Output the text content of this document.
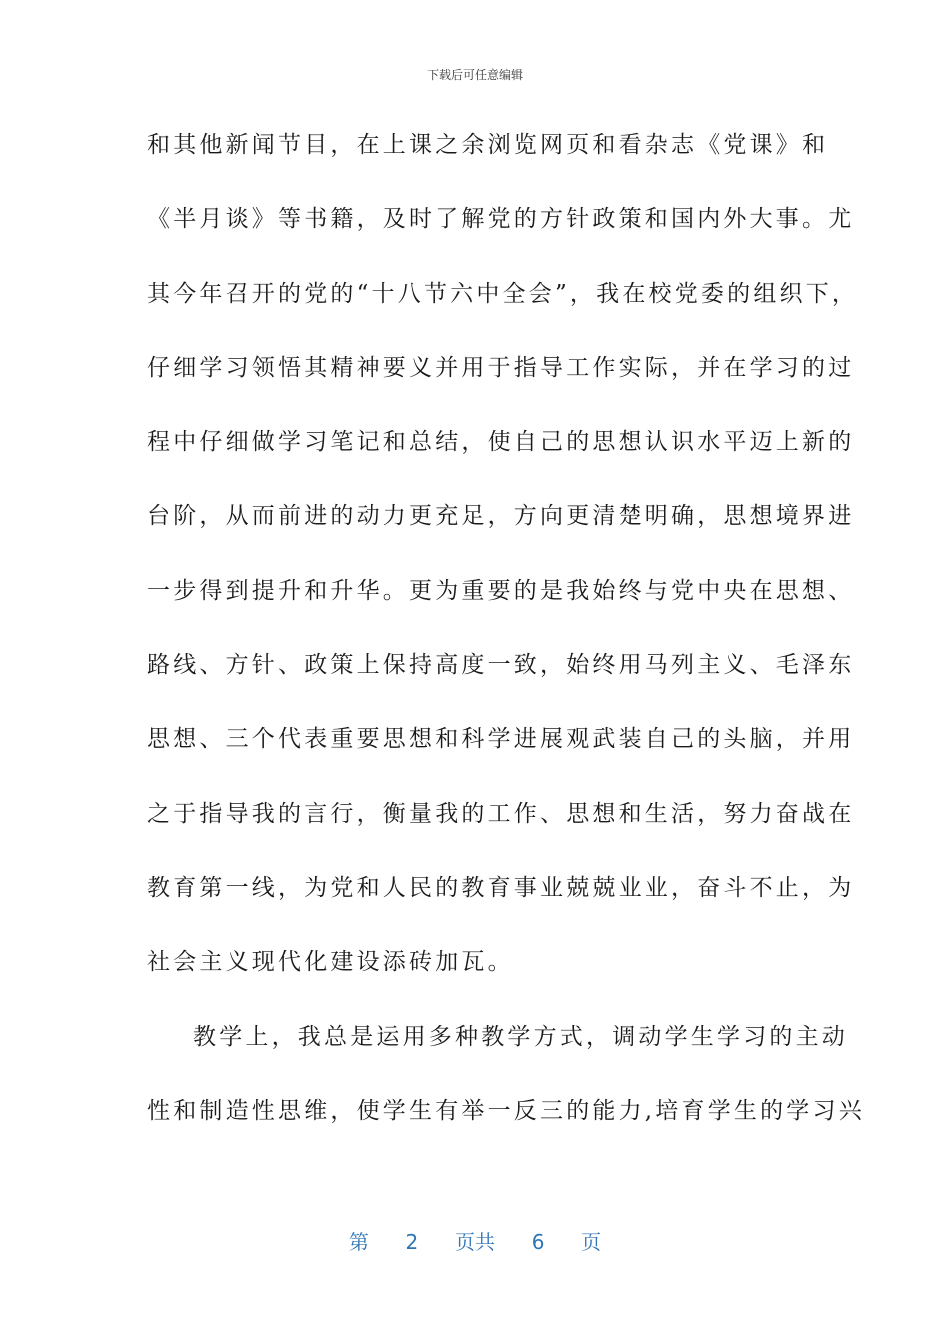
下载后可任意编辑
和其他新闻节目，在上课之余浏览网页和看杂志《党课》和
《半月谈》等书籍，及时了解党的方针政策和国内外大事。尤
其今年召开的党的“十八节六中全会”，我在校党委的组织下，
仔细学习领悟其精神要义并用于指导工作实际，并在学习的过
程中仔细做学习笔记和总结，使自己的思想认识水平迈上新的
台阶，从而前进的动力更充足，方向更清楚明确，思想境界进
一步得到提升和升华。更为重要的是我始终与党中央在思想、
路线、方针、政策上保持高度一致，始终用马列主义、毛泽东
思想、三个代表重要思想和科学进展观武装自己的头脑，并用
之于指导我的言行，衡量我的工作、思想和生活，努力奋战在
教育第一线，为党和人民的教育事业兢兢业业，奋斗不止，为
社会主义现代化建设添砖加瓦。
教学上，我总是运用多种教学方式，调动学生学习的主动
性和制造性思维，使学生有举一反三的能力,培育学生的学习兴
第 2 页共 6 页
